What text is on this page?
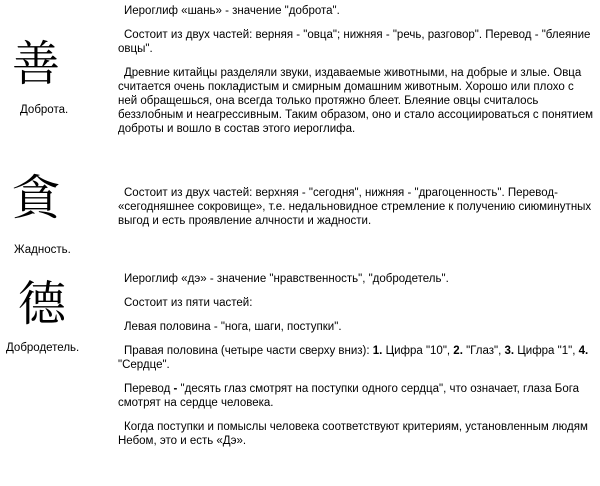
善
Доброта.

Иероглиф «шань» - значение "доброта".

Состоит из двух частей: верняя - "овца"; нижняя - "речь, разговор". Перевод - "блеяние овцы".

Древние китайцы разделяли звуки, издаваемые животными, на добрые и злые. Овца считается очень покладистым и смирным домашним животным. Хорошо или плохо с ней обращешься, она всегда только протяжно блеет. Блеяние овцы считалось беззлобным и неагрессивным. Таким образом, оно и стало ассоциироваться с понятием доброты и вошло в состав этого иероглифа.

貪
Жадность.

Состоит из двух частей: верхняя - "сегодня", нижняя - "драгоценность". Перевод- «сегодняшнее сокровище», т.е. недальновидное стремление к получению сиюминутных выгод и есть проявление алчности и жадности.

德
Добродетель.

Иероглиф «дэ» - значение "нравственность", "добродетель".

Состоит из пяти частей:

Левая половина - "нога, шаги, поступки".

Правая половина (четыре части сверху вниз): 1. Цифра "10", 2. "Глаз", 3. Цифра "1", 4. "Сердце".

Перевод - "десять глаз смотрят на поступки одного сердца", что означает, глаза Бога смотрят на сердце человека.

Когда поступки и помыслы человека соответствуют критериям, установленным людям Небом, это и есть «Дэ».
